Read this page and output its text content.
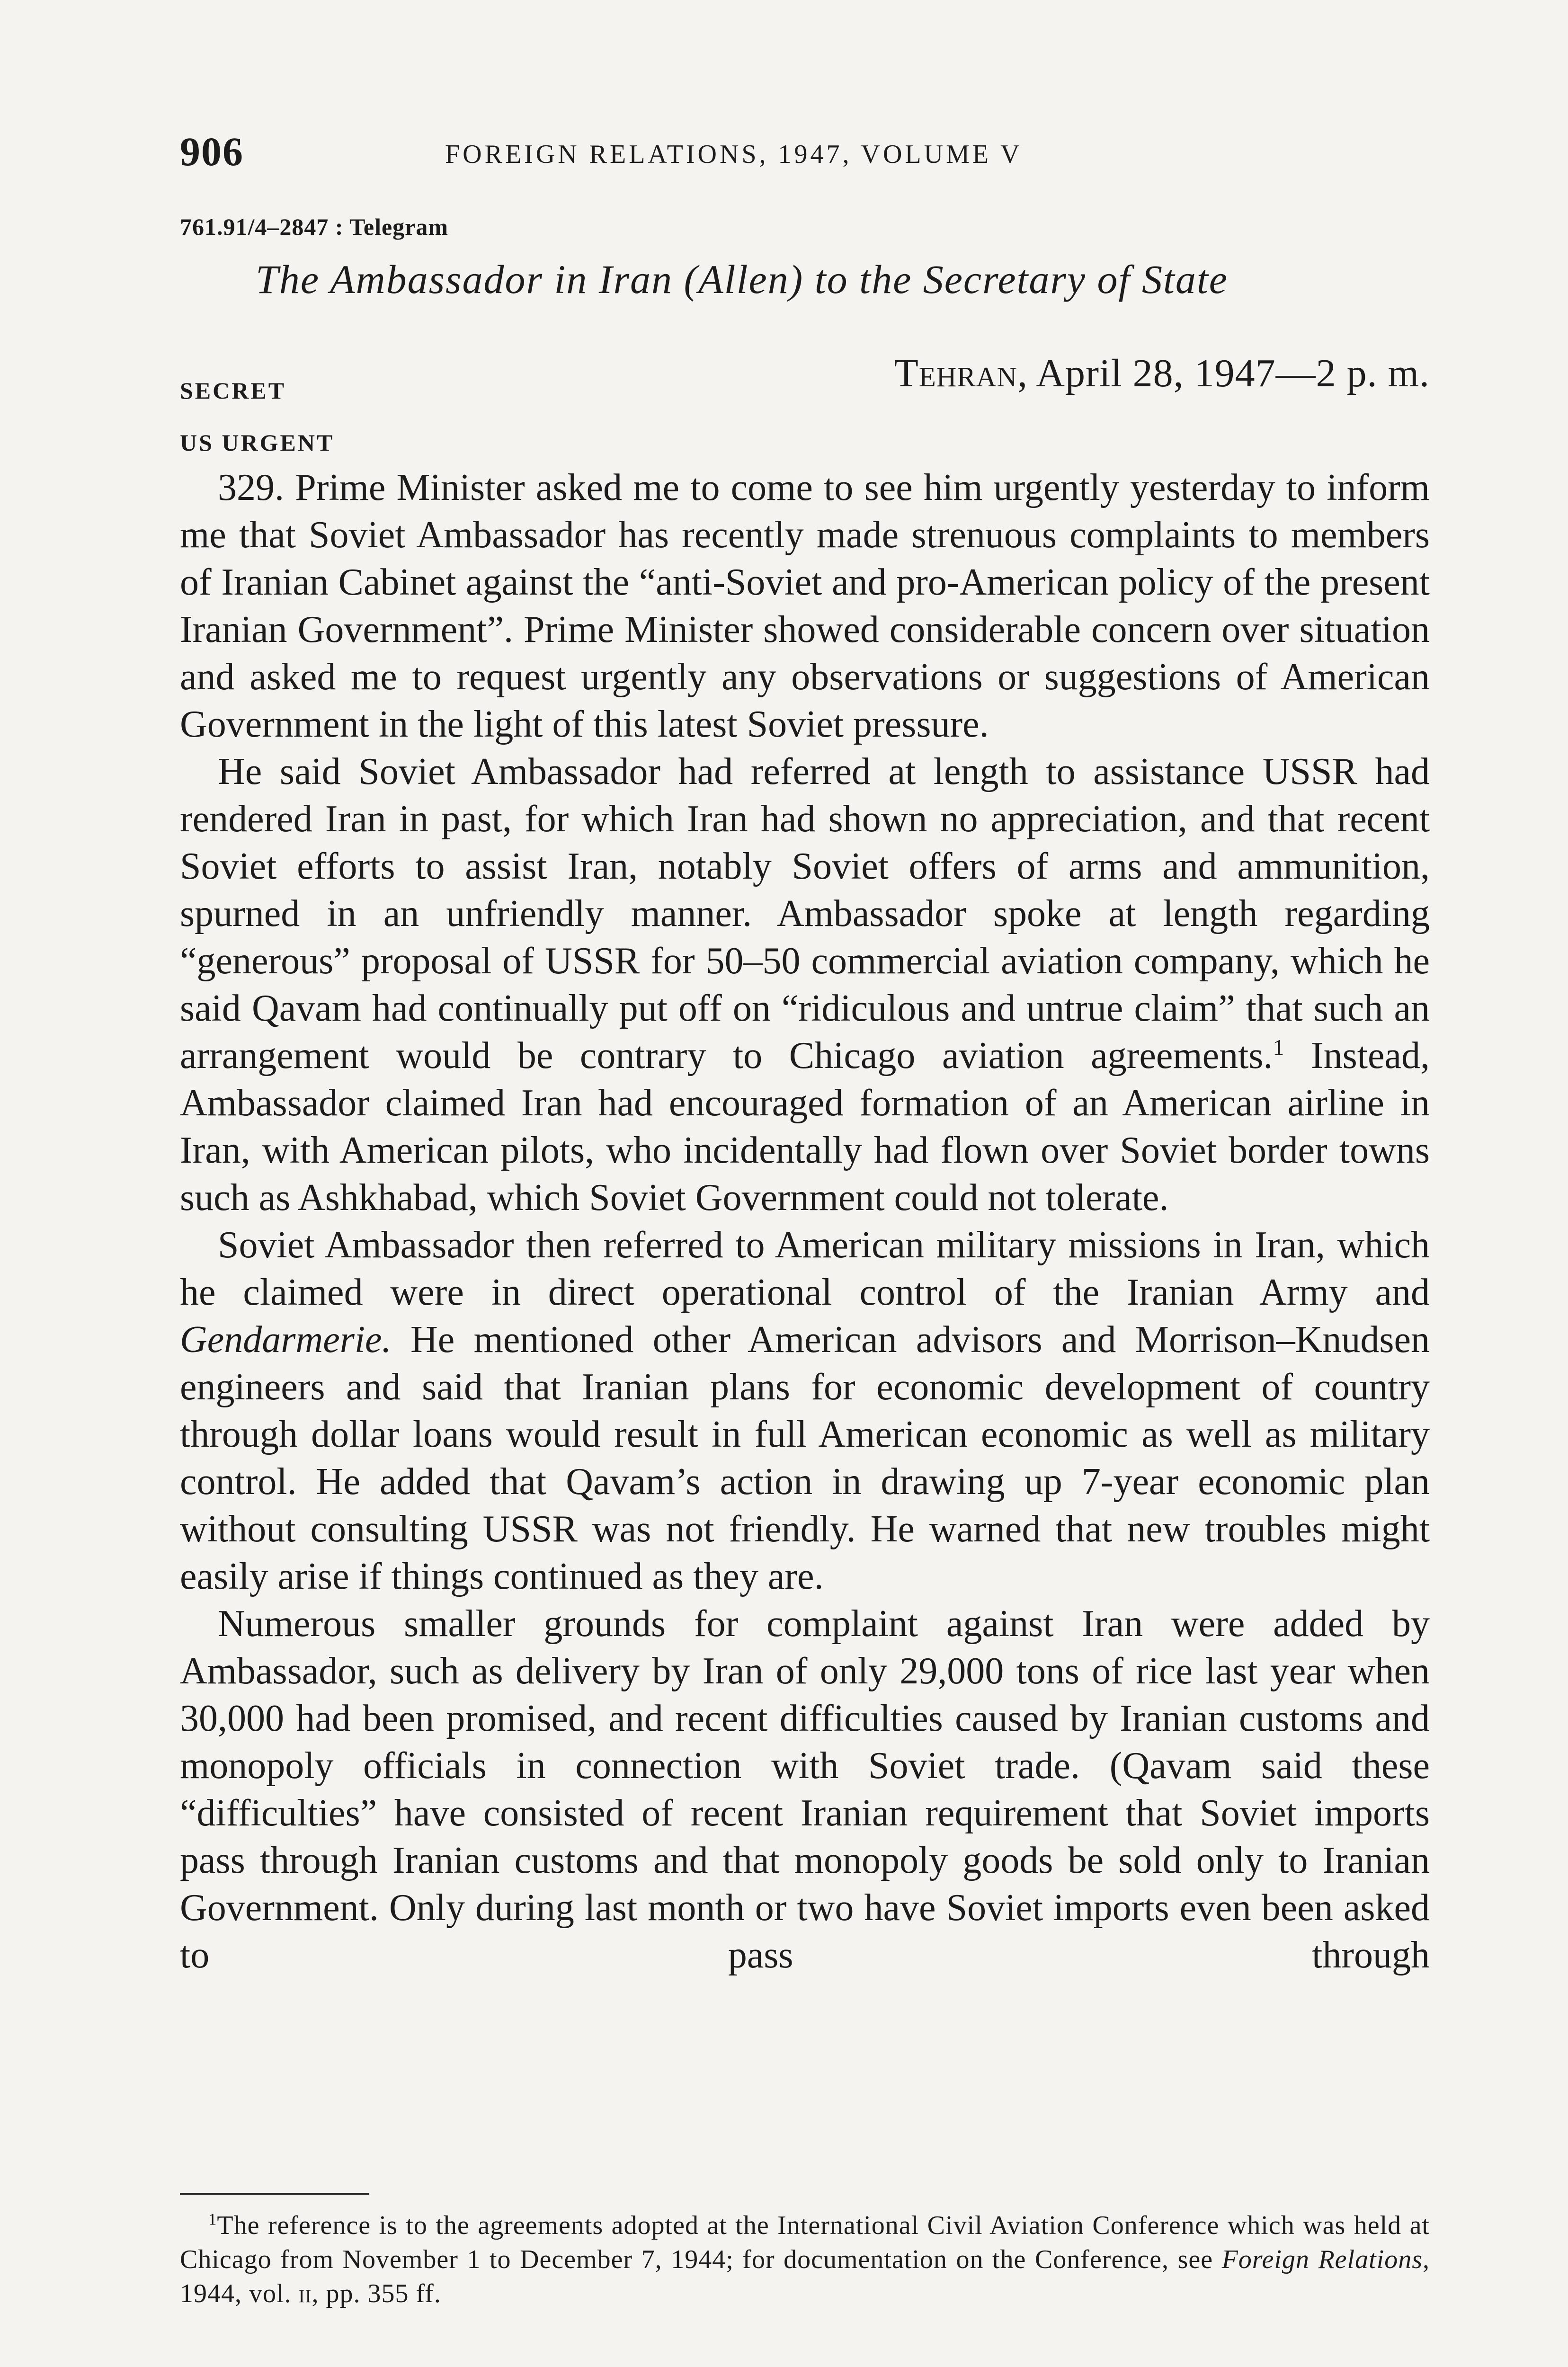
906	FOREIGN RELATIONS, 1947, VOLUME V
761.91/4–2847 : Telegram
The Ambassador in Iran (Allen) to the Secretary of State
SECRET
US URGENT
Tehran, April 28, 1947—2 p. m.

329. Prime Minister asked me to come to see him urgently yesterday to inform me that Soviet Ambassador has recently made strenuous complaints to members of Iranian Cabinet against the “anti-Soviet and pro-American policy of the present Iranian Government”. Prime Minister showed considerable concern over situation and asked me to request urgently any observations or suggestions of American Government in the light of this latest Soviet pressure.

He said Soviet Ambassador had referred at length to assistance USSR had rendered Iran in past, for which Iran had shown no appreciation, and that recent Soviet efforts to assist Iran, notably Soviet offers of arms and ammunition, spurned in an unfriendly manner. Ambassador spoke at length regarding “generous” proposal of USSR for 50–50 commercial aviation company, which he said Qavam had continually put off on “ridiculous and untrue claim” that such an arrangement would be contrary to Chicago aviation agreements.$^1$ Instead, Ambassador claimed Iran had encouraged formation of an American airline in Iran, with American pilots, who incidentally had flown over Soviet border towns such as Ashkhabad, which Soviet Government could not tolerate.

Soviet Ambassador then referred to American military missions in Iran, which he claimed were in direct operational control of the Iranian Army and Gendarmerie. He mentioned other American advisors and Morrison–Knudsen engineers and said that Iranian plans for economic development of country through dollar loans would result in full American economic as well as military control. He added that Qavam’s action in drawing up 7-year economic plan without consulting USSR was not friendly. He warned that new troubles might easily arise if things continued as they are.

Numerous smaller grounds for complaint against Iran were added by Ambassador, such as delivery by Iran of only 29,000 tons of rice last year when 30,000 had been promised, and recent difficulties caused by Iranian customs and monopoly officials in connection with Soviet trade. (Qavam said these “difficulties” have consisted of recent Iranian requirement that Soviet imports pass through Iranian customs and that monopoly goods be sold only to Iranian Government. Only during last month or two have Soviet imports even been asked to pass through

$^1$The reference is to the agreements adopted at the International Civil Aviation Conference which was held at Chicago from November 1 to December 7, 1944; for documentation on the Conference, see Foreign Relations, 1944, vol. ii, pp. 355 ff.
